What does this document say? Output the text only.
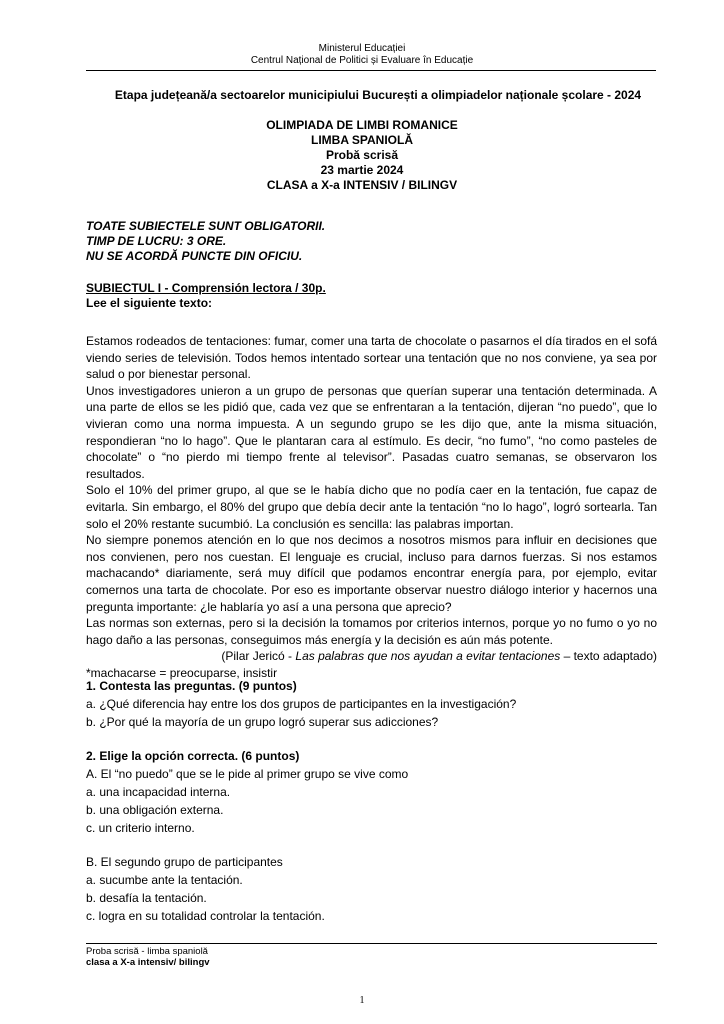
Ministerul Educației
Centrul Național de Politici și Evaluare în Educație
Etapa județeană/a sectoarelor municipiului București a olimpiadelor naționale școlare - 2024
OLIMPIADA DE LIMBI ROMANICE
LIMBA SPANIOLĂ
Probă scrisă
23 martie 2024
CLASA a X-a INTENSIV / BILINGV
TOATE SUBIECTELE SUNT OBLIGATORII.
TIMP DE LUCRU: 3 ORE.
NU SE ACORDĂ PUNCTE DIN OFICIU.
SUBIECTUL I - Comprensión lectora / 30p.
Lee el siguiente texto:

Estamos rodeados de tentaciones: fumar, comer una tarta de chocolate o pasarnos el día tirados en el sofá viendo series de televisión. Todos hemos intentado sortear una tentación que no nos conviene, ya sea por salud o por bienestar personal.

Unos investigadores unieron a un grupo de personas que querían superar una tentación determinada. A una parte de ellos se les pidió que, cada vez que se enfrentaran a la tentación, dijeran “no puedo”, que lo vivieran como una norma impuesta. A un segundo grupo se les dijo que, ante la misma situación, respondieran “no lo hago”. Que le plantaran cara al estímulo. Es decir, “no fumo”, “no como pasteles de chocolate” o “no pierdo mi tiempo frente al televisor”. Pasadas cuatro semanas, se observaron los resultados.

Solo el 10% del primer grupo, al que se le había dicho que no podía caer en la tentación, fue capaz de evitarla. Sin embargo, el 80% del grupo que debía decir ante la tentación “no lo hago”, logró sortearla. Tan solo el 20% restante sucumbió. La conclusión es sencilla: las palabras importan.

No siempre ponemos atención en lo que nos decimos a nosotros mismos para influir en decisiones que nos convienen, pero nos cuestan. El lenguaje es crucial, incluso para darnos fuerzas. Si nos estamos machacando* diariamente, será muy difícil que podamos encontrar energía para, por ejemplo, evitar comernos una tarta de chocolate. Por eso es importante observar nuestro diálogo interior y hacernos una pregunta importante: ¿le hablaría yo así a una persona que aprecio?

Las normas son externas, pero si la decisión la tomamos por criterios internos, porque yo no fumo o yo no hago daño a las personas, conseguimos más energía y la decisión es aún más potente.

(Pilar Jericó - Las palabras que nos ayudan a evitar tentaciones – texto adaptado)

*machacarse = preocuparse, insistir

1. Contesta las preguntas. (9 puntos)

a. ¿Qué diferencia hay entre los dos grupos de participantes en la investigación?

b. ¿Por qué la mayoría de un grupo logró superar sus adicciones?

2. Elige la opción correcta. (6 puntos)

A. El “no puedo” que se le pide al primer grupo se vive como

a. una incapacidad interna.

b. una obligación externa.

c. un criterio interno.

B. El segundo grupo de participantes

a. sucumbe ante la tentación.

b. desafía la tentación.

c. logra en su totalidad controlar la tentación.

Proba scrisă - limba spaniolă
clasa a X-a intensiv/ bilingv
1
